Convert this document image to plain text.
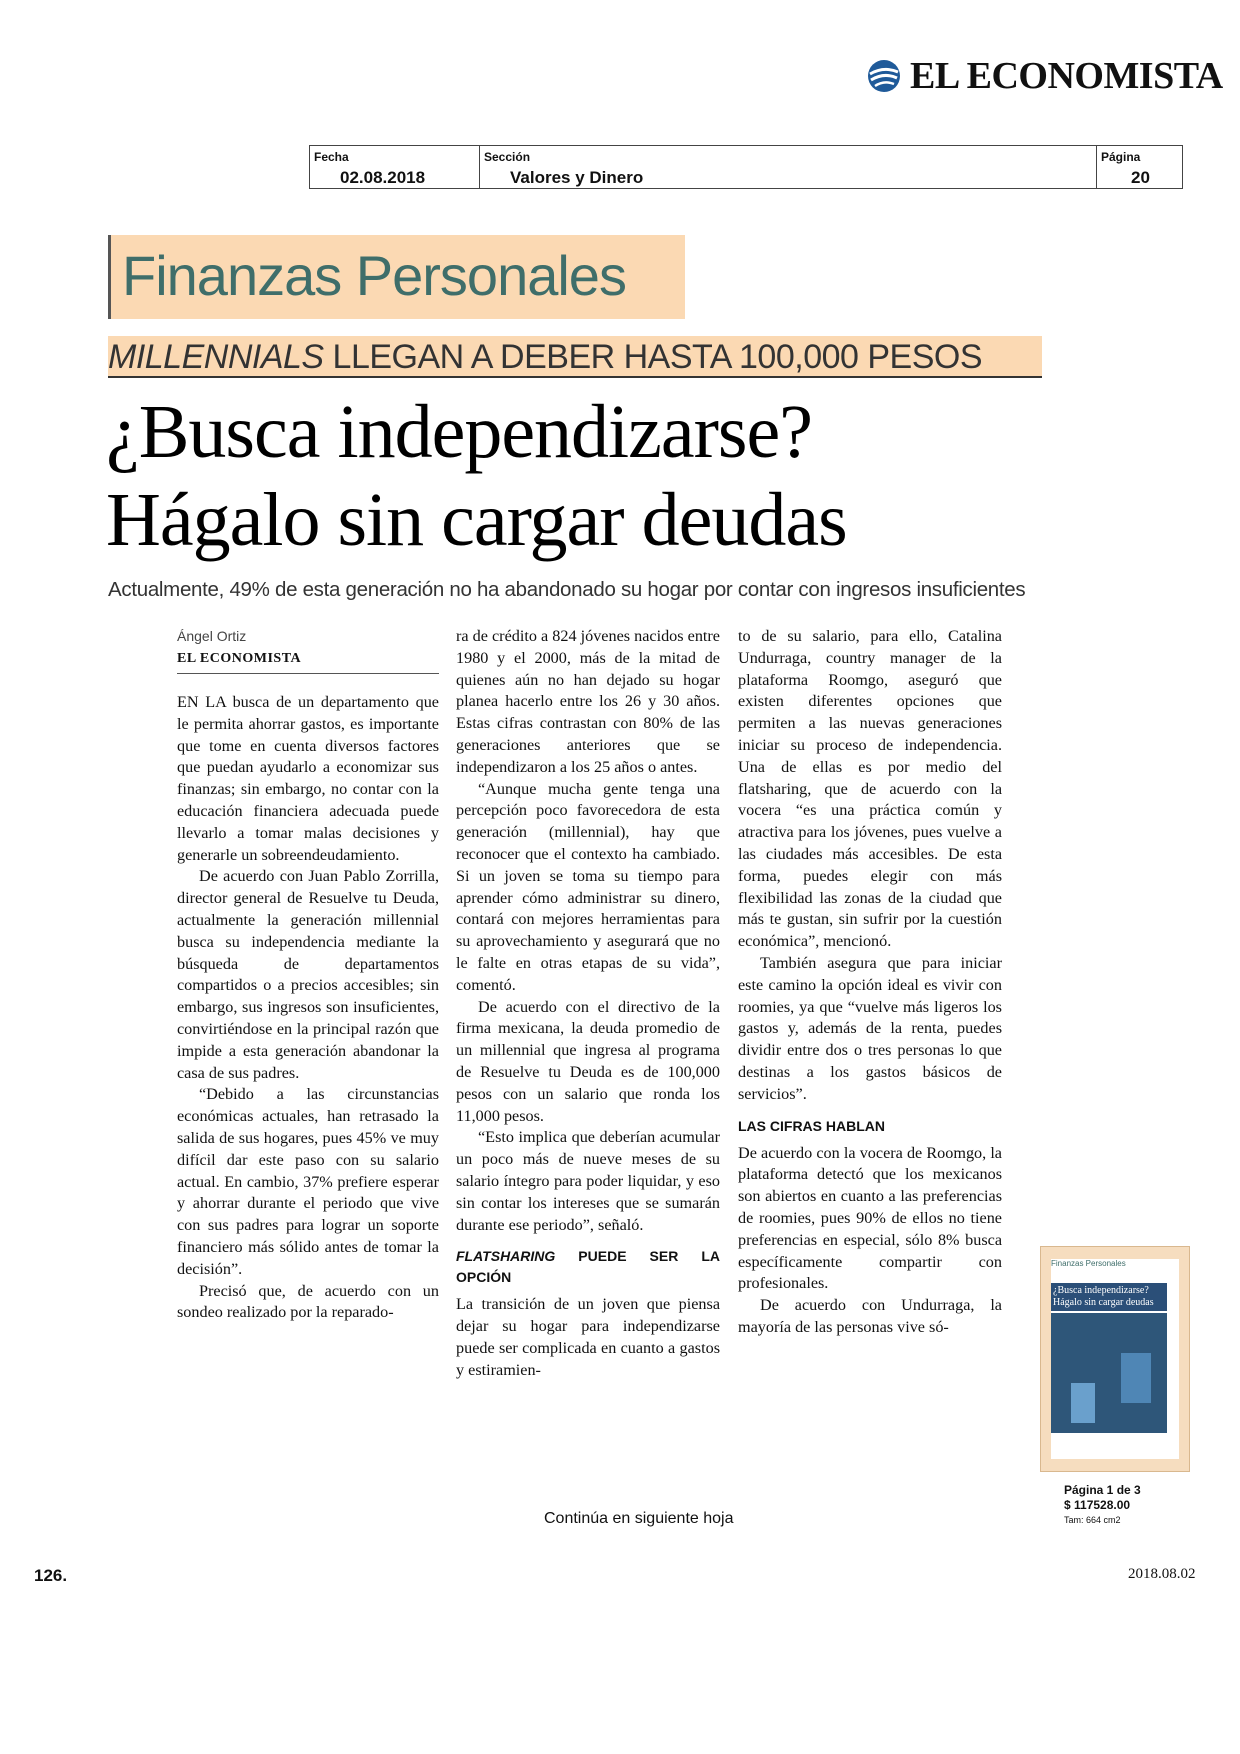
EL ECONOMISTA
Fecha
02.08.2018
Sección
Valores y Dinero
Página
20
Finanzas Personales
MILLENNIALS LLEGAN A DEBER HASTA 100,000 PESOS
¿Busca independizarse?
Hágalo sin cargar deudas
Actualmente, 49% de esta generación no ha abandonado su hogar por contar con ingresos insuficientes
Ángel Ortiz
EL ECONOMISTA

EN LA busca de un departamento que le permita ahorrar gastos, es importante que tome en cuenta diversos factores que puedan ayudarlo a economizar sus finanzas; sin embargo, no contar con la educación financiera adecuada puede llevarlo a tomar malas decisiones y generarle un sobreendeudamiento.

De acuerdo con Juan Pablo Zorrilla, director general de Resuelve tu Deuda, actualmente la generación millennial busca su independencia mediante la búsqueda de departamentos compartidos o a precios accesibles; sin embargo, sus ingresos son insuficientes, convirtiéndose en la principal razón que impide a esta generación abandonar la casa de sus padres.

“Debido a las circunstancias económicas actuales, han retrasado la salida de sus hogares, pues 45% ve muy difícil dar este paso con su salario actual. En cambio, 37% prefiere esperar y ahorrar durante el periodo que vive con sus padres para lograr un soporte financiero más sólido antes de tomar la decisión”.

Precisó que, de acuerdo con un sondeo realizado por la reparado-

ra de crédito a 824 jóvenes nacidos entre 1980 y el 2000, más de la mitad de quienes aún no han dejado su hogar planea hacerlo entre los 26 y 30 años. Estas cifras contrastan con 80% de las generaciones anteriores que se independizaron a los 25 años o antes.

“Aunque mucha gente tenga una percepción poco favorecedora de esta generación (millennial), hay que reconocer que el contexto ha cambiado. Si un joven se toma su tiempo para aprender cómo administrar su dinero, contará con mejores herramientas para su aprovechamiento y asegurará que no le falte en otras etapas de su vida”, comentó.

De acuerdo con el directivo de la firma mexicana, la deuda promedio de un millennial que ingresa al programa de Resuelve tu Deuda es de 100,000 pesos con un salario que ronda los 11,000 pesos.

“Esto implica que deberían acumular un poco más de nueve meses de su salario íntegro para poder liquidar, y eso sin contar los intereses que se sumarán durante ese periodo”, señaló.

FLATSHARING PUEDE SER LA OPCIÓN

La transición de un joven que piensa dejar su hogar para independizarse puede ser complicada en cuanto a gastos y estiramien-

to de su salario, para ello, Catalina Undurraga, country manager de la plataforma Roomgo, aseguró que existen diferentes opciones que permiten a las nuevas generaciones iniciar su proceso de independencia. Una de ellas es por medio del flatsharing, que de acuerdo con la vocera “es una práctica común y atractiva para los jóvenes, pues vuelve a las ciudades más accesibles. De esta forma, puedes elegir con más flexibilidad las zonas de la ciudad que más te gustan, sin sufrir por la cuestión económica”, mencionó.

También asegura que para iniciar este camino la opción ideal es vivir con roomies, ya que “vuelve más ligeros los gastos y, además de la renta, puedes dividir entre dos o tres personas lo que destinas a los gastos básicos de servicios”.

LAS CIFRAS HABLAN

De acuerdo con la vocera de Roomgo, la plataforma detectó que los mexicanos son abiertos en cuanto a las preferencias de roomies, pues 90% de ellos no tiene preferencias en especial, sólo 8% busca específicamente compartir con profesionales.

De acuerdo con Undurraga, la mayoría de las personas vive só-

Finanzas Personales
¿Busca independizarse? Hágalo sin cargar deudas
Página 1 de 3
$ 117528.00
Tam: 664 cm2
Continúa en siguiente hoja
126.	2018.08.02
